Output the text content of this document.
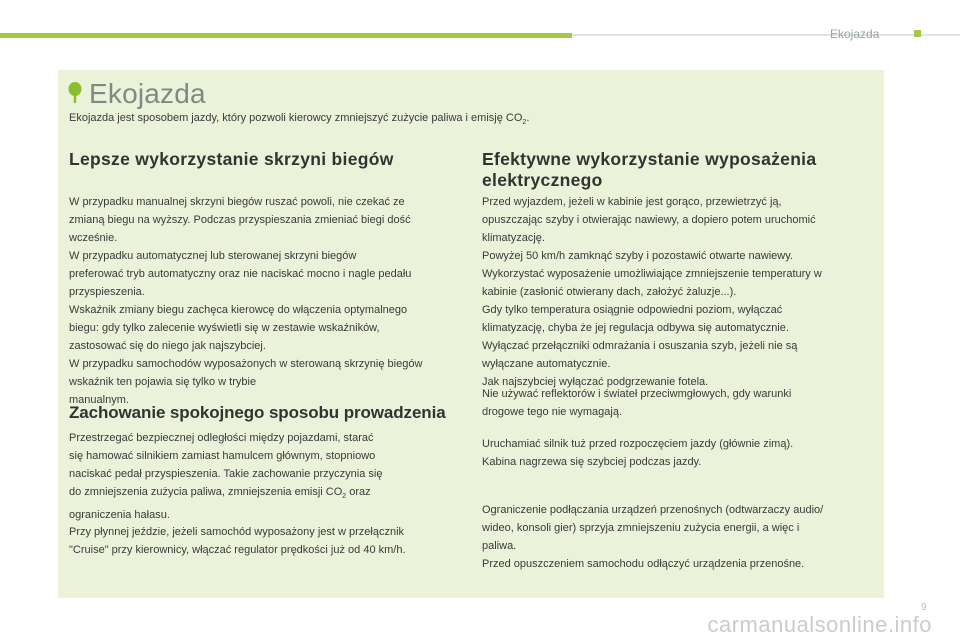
Ekojazda
Ekojazda
Ekojazda jest sposobem jazdy, który pozwoli kierowcy zmniejszyć zużycie paliwa i emisję $CO_2$.
Lepsze wykorzystanie skrzyni biegów

W przypadku manualnej skrzyni biegów ruszać powoli, nie czekać ze
zmianą biegu na wyższy. Podczas przyspieszania zmieniać biegi dość
wcześnie.

W przypadku automatycznej lub sterowanej skrzyni biegów
preferować tryb automatyczny oraz nie naciskać mocno i nagle pedału
przyspieszenia.

Wskaźnik zmiany biegu zachęca kierowcę do włączenia optymalnego
biegu: gdy tylko zalecenie wyświetli się w zestawie wskaźników,
zastosować się do niego jak najszybciej.
W przypadku samochodów wyposażonych w sterowaną skrzynię biegów wskaźnik ten pojawia się tylko w trybie
manualnym.

Zachowanie spokojnego sposobu prowadzenia

Przestrzegać bezpiecznej odległości między pojazdami, starać
się hamować silnikiem zamiast hamulcem głównym, stopniowo
naciskać pedał przyspieszenia. Takie zachowanie przyczynia się
do zmniejszenia zużycia paliwa, zmniejszenia emisji $CO_2$ oraz
ograniczenia hałasu.

Przy płynnej jeździe, jeżeli samochód wyposażony jest w przełącznik
"Cruise" przy kierownicy, włączać regulator prędkości już od 40 km/h.

Efektywne wykorzystanie wyposażenia
elektrycznego

Przed wyjazdem, jeżeli w kabinie jest gorąco, przewietrzyć ją,
opuszczając szyby i otwierając nawiewy, a dopiero potem uruchomić
klimatyzację.
Powyżej 50 km/h zamknąć szyby i pozostawić otwarte nawiewy.
Wykorzystać wyposażenie umożliwiające zmniejszenie temperatury w
kabinie (zasłonić otwierany dach, założyć żaluzje...).
Gdy tylko temperatura osiągnie odpowiedni poziom, wyłączać
klimatyzację, chyba że jej regulacja odbywa się automatycznie.
Wyłączać przełączniki odmrażania i osuszania szyb, jeżeli nie są
wyłączane automatycznie.
Jak najszybciej wyłączać podgrzewanie fotela.

Nie używać reflektorów i świateł przeciwmgłowych, gdy warunki
drogowe tego nie wymagają.

Uruchamiać silnik tuż przed rozpoczęciem jazdy (głównie zimą).
Kabina nagrzewa się szybciej podczas jazdy.

Ograniczenie podłączania urządzeń przenośnych (odtwarzaczy audio/
wideo, konsoli gier) sprzyja zmniejszeniu zużycia energii, a więc i
paliwa.
Przed opuszczeniem samochodu odłączyć urządzenia przenośne.

carmanualsonline.info
9
